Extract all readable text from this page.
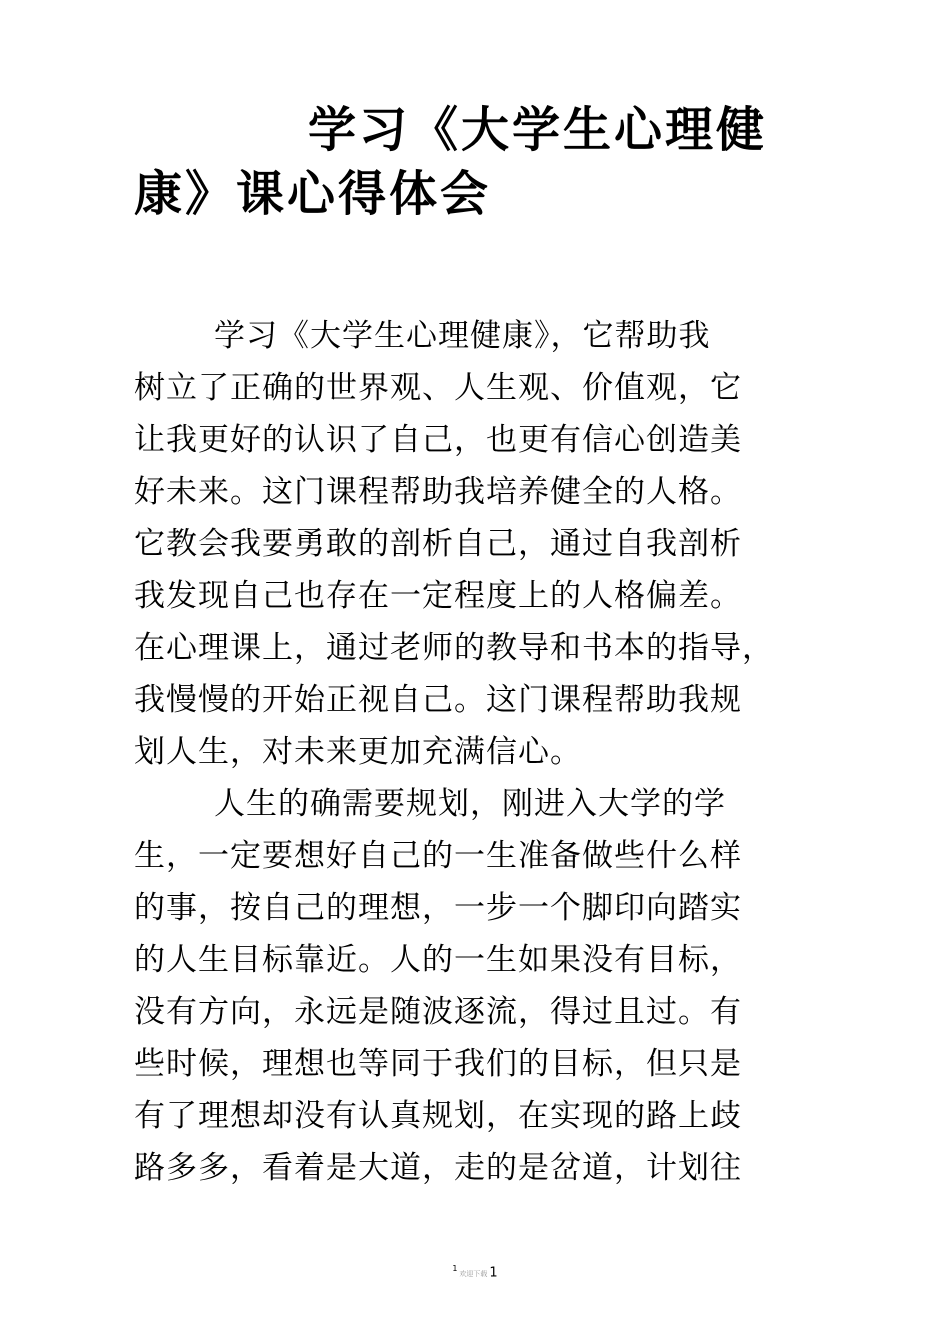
学习《大学生心理健
康》课心得体会
学习《大学生心理健康》，它帮助我
树立了正确的世界观、人生观、价值观，它
让我更好的认识了自己，也更有信心创造美
好未来。这门课程帮助我培养健全的人格。
它教会我要勇敢的剖析自己，通过自我剖析
我发现自己也存在一定程度上的人格偏差。
在心理课上，通过老师的教导和书本的指导，
我慢慢的开始正视自己。这门课程帮助我规
划人生，对未来更加充满信心。
人生的确需要规划，刚进入大学的学
生，一定要想好自己的一生准备做些什么样
的事，按自己的理想，一步一个脚印向踏实
的人生目标靠近。人的一生如果没有目标，
没有方向，永远是随波逐流，得过且过。有
些时候，理想也等同于我们的目标，但只是
有了理想却没有认真规划，在实现的路上歧
路多多，看着是大道，走的是岔道，计划往
$^1$欢迎下载 1
